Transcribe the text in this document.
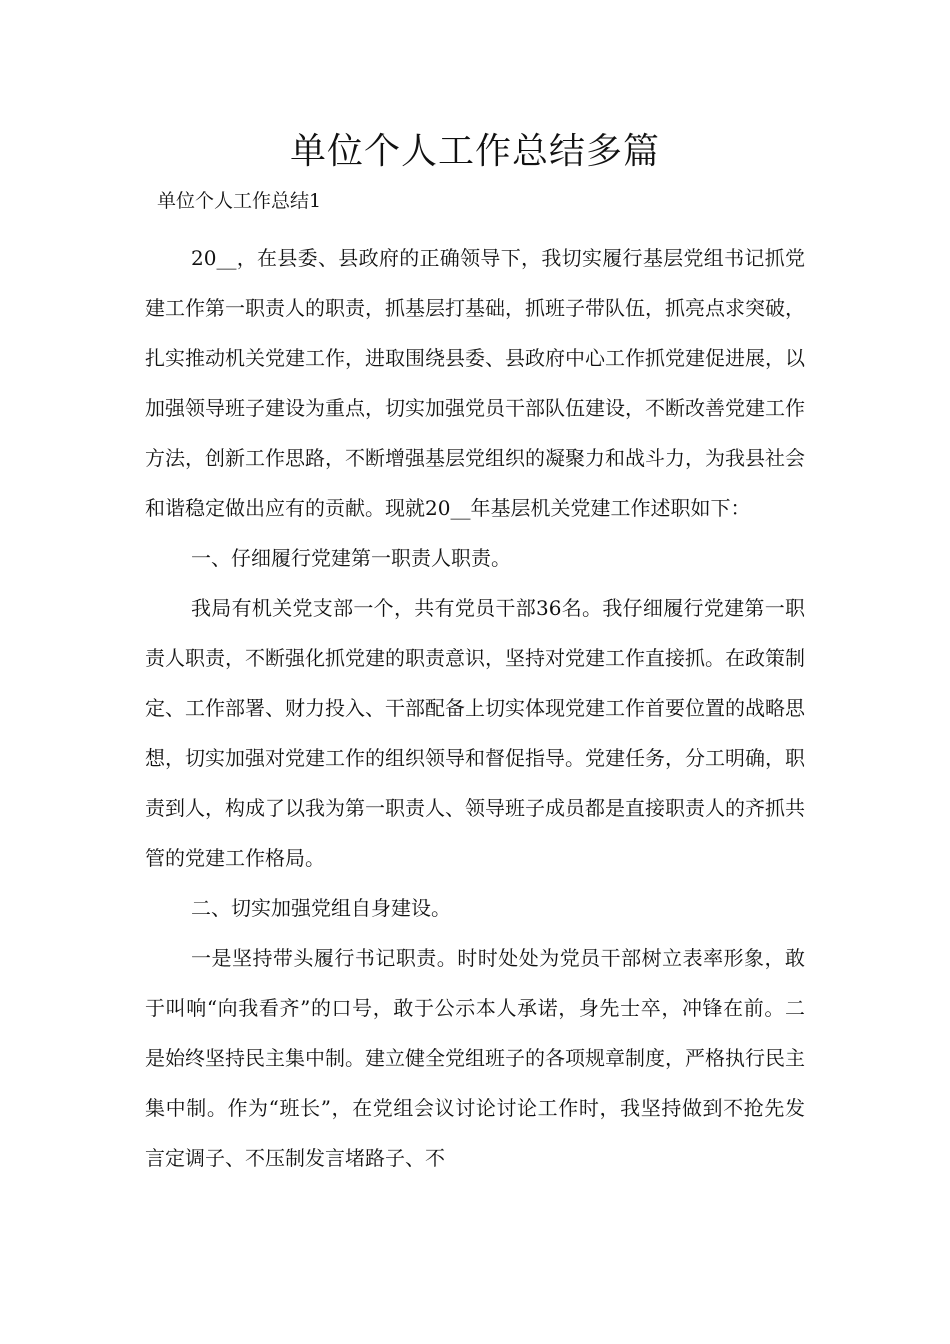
单位个人工作总结多篇
单位个人工作总结1

20__，在县委、县政府的正确领导下，我切实履行基层党组书记抓党建工作第一职责人的职责，抓基层打基础，抓班子带队伍，抓亮点求突破，扎实推动机关党建工作，进取围绕县委、县政府中心工作抓党建促进展，以加强领导班子建设为重点，切实加强党员干部队伍建设，不断改善党建工作方法，创新工作思路，不断增强基层党组织的凝聚力和战斗力，为我县社会和谐稳定做出应有的贡献。现就20__年基层机关党建工作述职如下：

一、仔细履行党建第一职责人职责。

我局有机关党支部一个，共有党员干部36名。我仔细履行党建第一职责人职责，不断强化抓党建的职责意识，坚持对党建工作直接抓。在政策制定、工作部署、财力投入、干部配备上切实体现党建工作首要位置的战略思想，切实加强对党建工作的组织领导和督促指导。党建任务，分工明确，职责到人，构成了以我为第一职责人、领导班子成员都是直接职责人的齐抓共管的党建工作格局。

二、切实加强党组自身建设。

一是坚持带头履行书记职责。时时处处为党员干部树立表率形象，敢于叫响“向我看齐”的口号，敢于公示本人承诺，身先士卒，冲锋在前。二是始终坚持民主集中制。建立健全党组班子的各项规章制度，严格执行民主集中制。作为“班长”，在党组会议讨论讨论工作时，我坚持做到不抢先发言定调子、不压制发言堵路子、不
